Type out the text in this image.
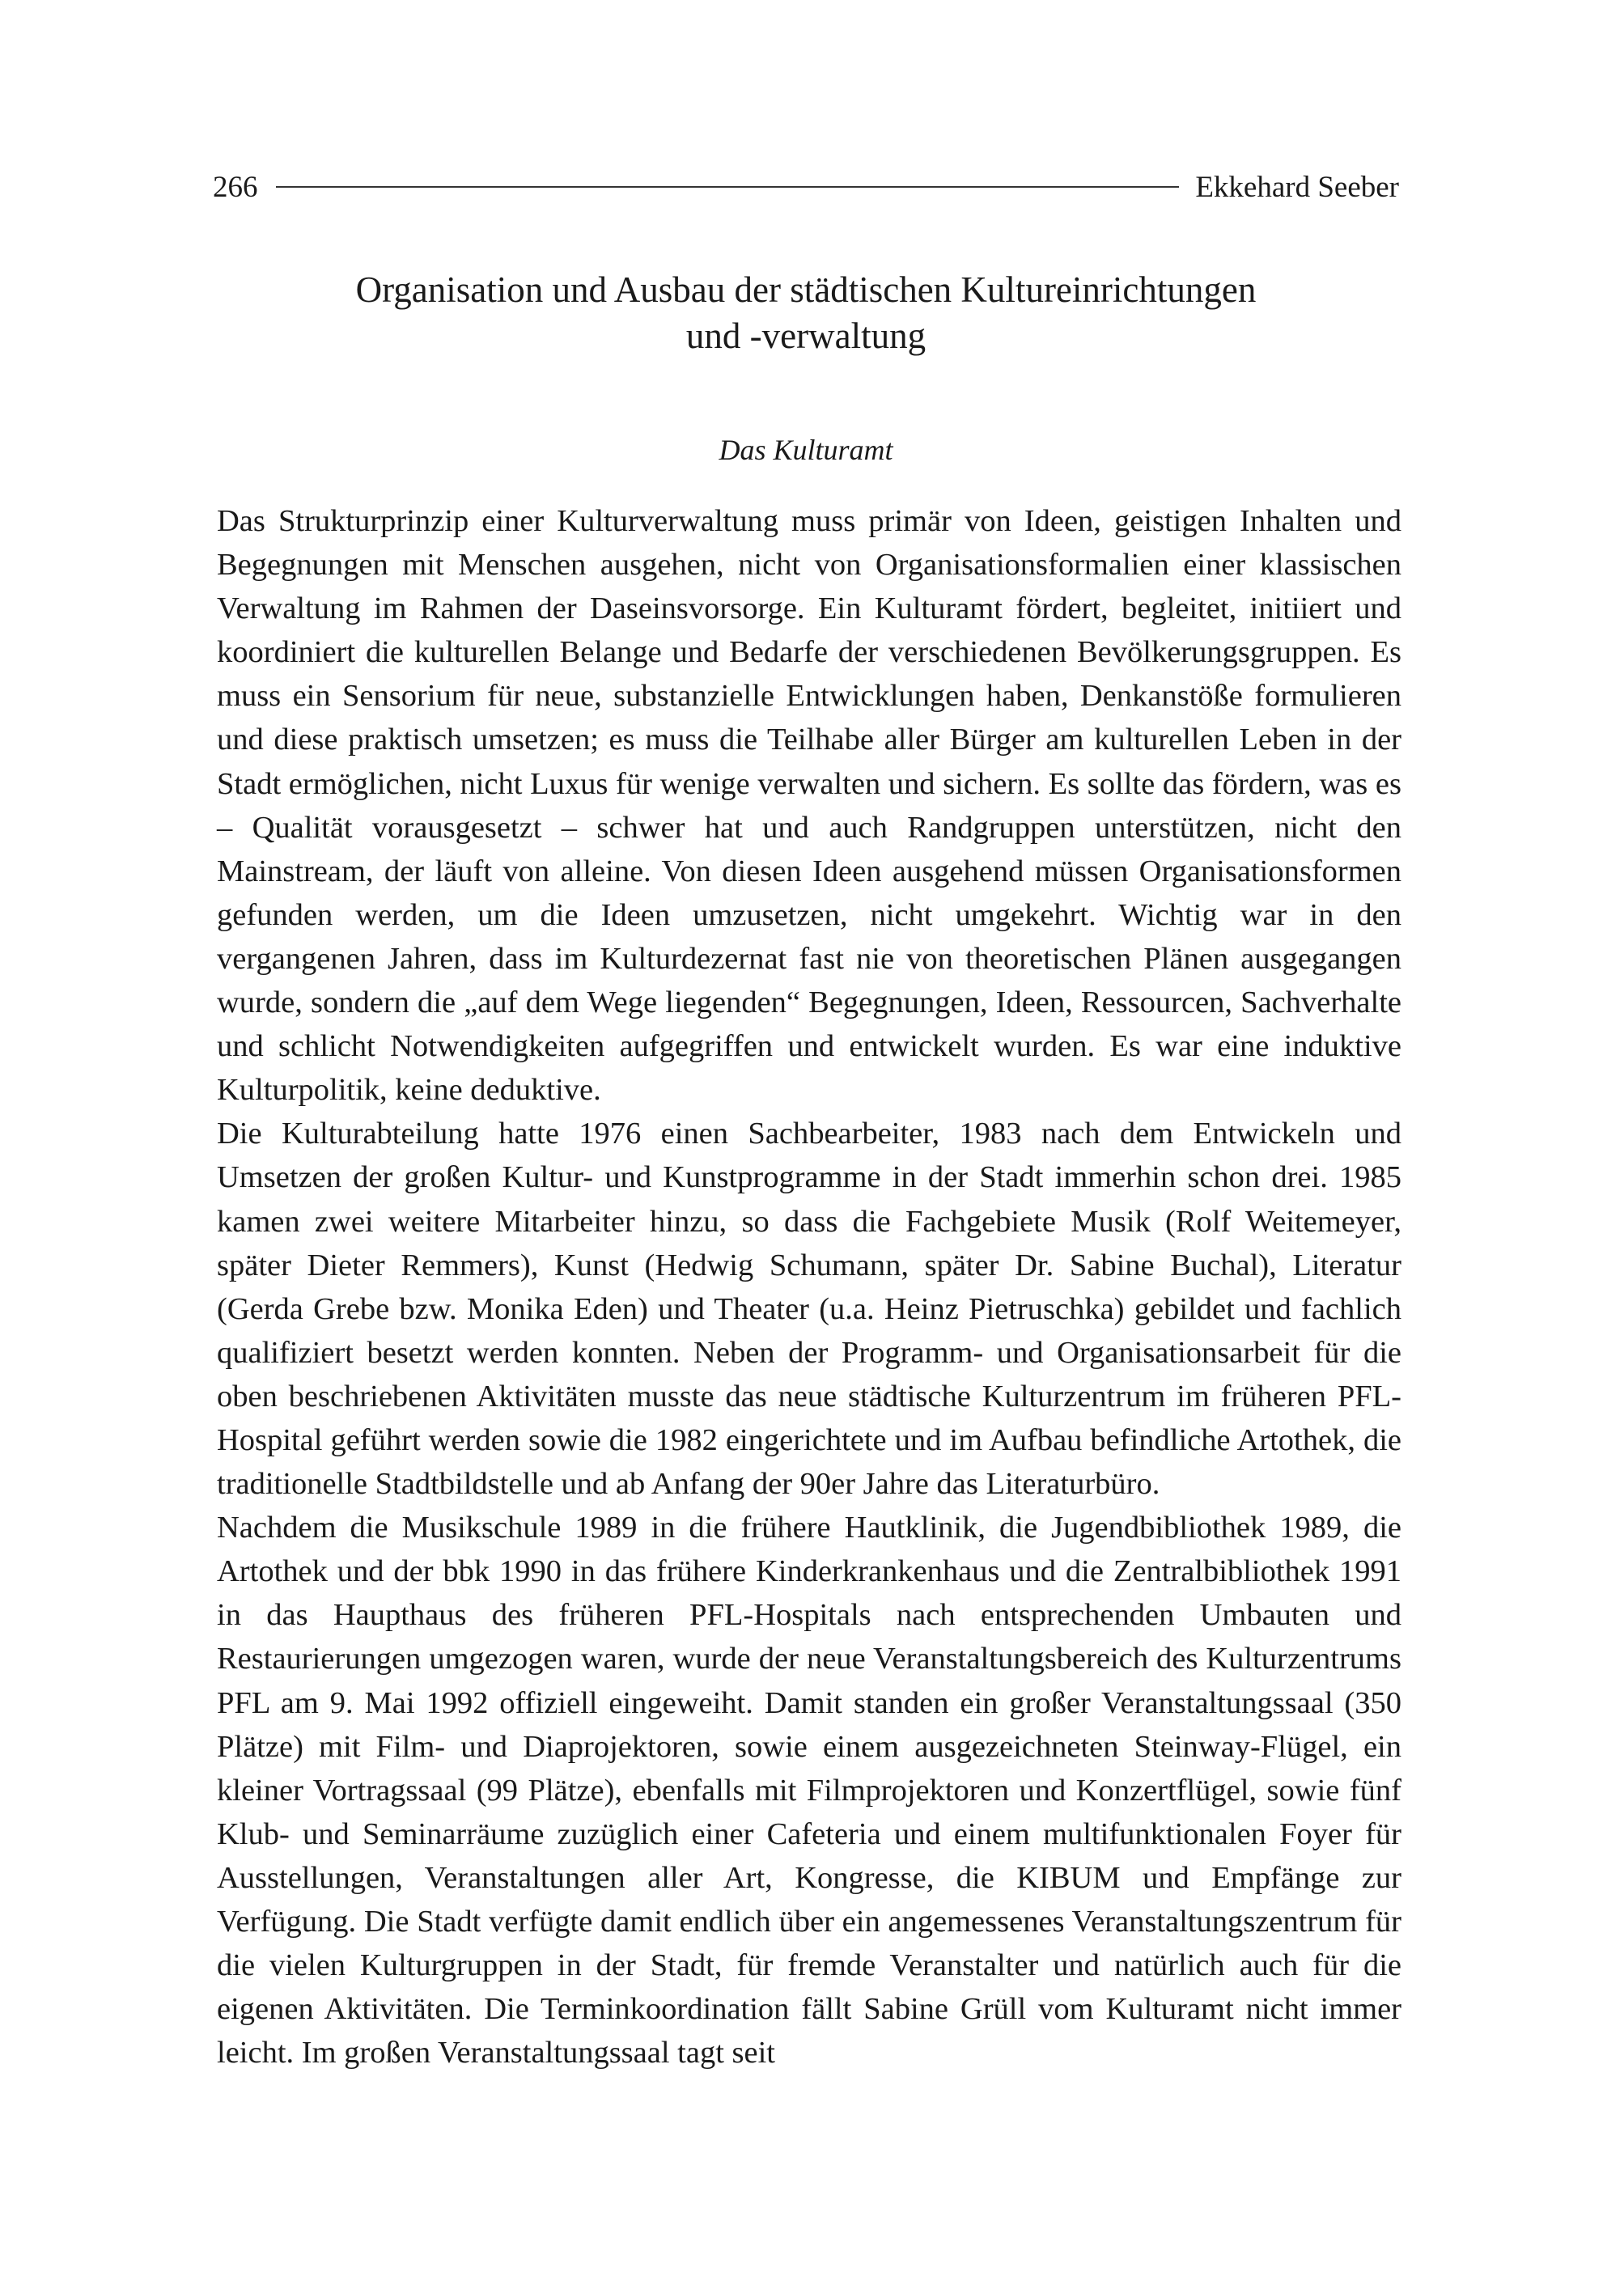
266	Ekkehard Seeber
Organisation und Ausbau der städtischen Kultureinrichtungen
und -verwaltung
Das Kulturamt

Das Strukturprinzip einer Kulturverwaltung muss primär von Ideen, geistigen Inhalten und Begegnungen mit Menschen ausgehen, nicht von Organisationsformalien einer klassischen Verwaltung im Rahmen der Daseinsvorsorge. Ein Kulturamt fördert, begleitet, initiiert und koordiniert die kulturellen Belange und Bedarfe der verschiedenen Bevölkerungsgruppen. Es muss ein Sensorium für neue, substanzielle Entwicklungen haben, Denkanstöße formulieren und diese praktisch umsetzen; es muss die Teilhabe aller Bürger am kulturellen Leben in der Stadt ermöglichen, nicht Luxus für wenige verwalten und sichern. Es sollte das fördern, was es – Qualität vorausgesetzt – schwer hat und auch Randgruppen unterstützen, nicht den Mainstream, der läuft von alleine. Von diesen Ideen ausgehend müssen Organisationsformen gefunden werden, um die Ideen umzusetzen, nicht umgekehrt. Wichtig war in den vergangenen Jahren, dass im Kulturdezernat fast nie von theoretischen Plänen ausgegangen wurde, sondern die „auf dem Wege liegenden“ Begegnungen, Ideen, Ressourcen, Sachverhalte und schlicht Notwendigkeiten aufgegriffen und entwickelt wurden. Es war eine induktive Kulturpolitik, keine deduktive.

Die Kulturabteilung hatte 1976 einen Sachbearbeiter, 1983 nach dem Entwickeln und Umsetzen der großen Kultur- und Kunstprogramme in der Stadt immerhin schon drei. 1985 kamen zwei weitere Mitarbeiter hinzu, so dass die Fachgebiete Musik (Rolf Weitemeyer, später Dieter Remmers), Kunst (Hedwig Schumann, später Dr. Sabine Buchal), Literatur (Gerda Grebe bzw. Monika Eden) und Theater (u.a. Heinz Pietruschka) gebildet und fachlich qualifiziert besetzt werden konnten. Neben der Programm- und Organisationsarbeit für die oben beschriebenen Aktivitäten musste das neue städtische Kulturzentrum im früheren PFL-Hospital geführt werden sowie die 1982 eingerichtete und im Aufbau befindliche Artothek, die traditionelle Stadtbildstelle und ab Anfang der 90er Jahre das Literaturbüro.

Nachdem die Musikschule 1989 in die frühere Hautklinik, die Jugendbibliothek 1989, die Artothek und der bbk 1990 in das frühere Kinderkrankenhaus und die Zentralbibliothek 1991 in das Haupthaus des früheren PFL-Hospitals nach entsprechenden Umbauten und Restaurierungen umgezogen waren, wurde der neue Veranstaltungsbereich des Kulturzentrums PFL am 9. Mai 1992 offiziell eingeweiht. Damit standen ein großer Veranstaltungssaal (350 Plätze) mit Film- und Diaprojektoren, sowie einem ausgezeichneten Steinway-Flügel, ein kleiner Vortragssaal (99 Plätze), ebenfalls mit Filmprojektoren und Konzertflügel, sowie fünf Klub- und Seminarräume zuzüglich einer Cafeteria und einem multifunktionalen Foyer für Ausstellungen, Veranstaltungen aller Art, Kongresse, die KIBUM und Empfänge zur Verfügung. Die Stadt verfügte damit endlich über ein angemessenes Veranstaltungszentrum für die vielen Kulturgruppen in der Stadt, für fremde Veranstalter und natürlich auch für die eigenen Aktivitäten. Die Terminkoordination fällt Sabine Grüll vom Kulturamt nicht immer leicht. Im großen Veranstaltungssaal tagt seit
